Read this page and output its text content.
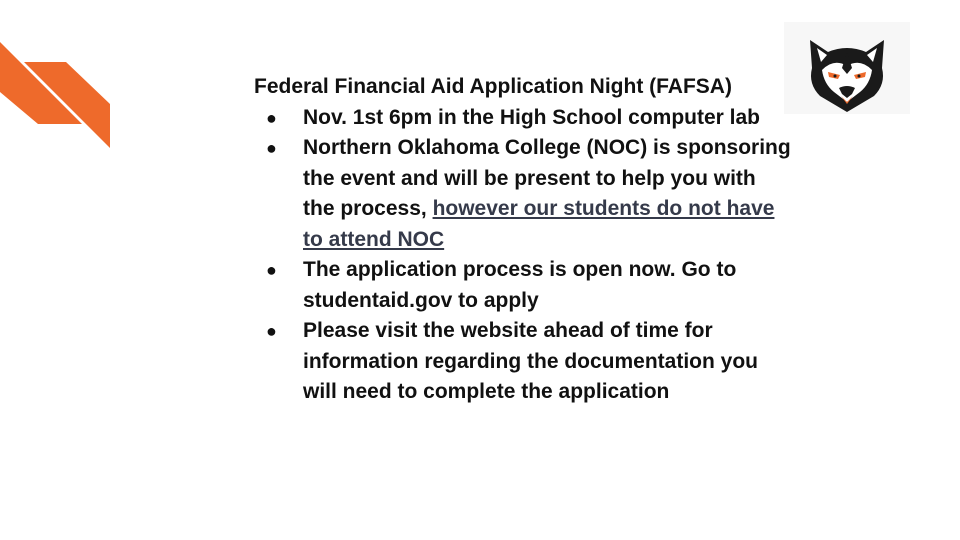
Federal Financial Aid Application Night (FAFSA)
● Nov. 1st 6pm in the High School computer lab
● Northern Oklahoma College (NOC) is sponsoring the event and will be present to help you with the process, however our students do not have to attend NOC
● The application process is open now. Go to studentaid.gov to apply
● Please visit the website ahead of time for information regarding the documentation you will need to complete the application
